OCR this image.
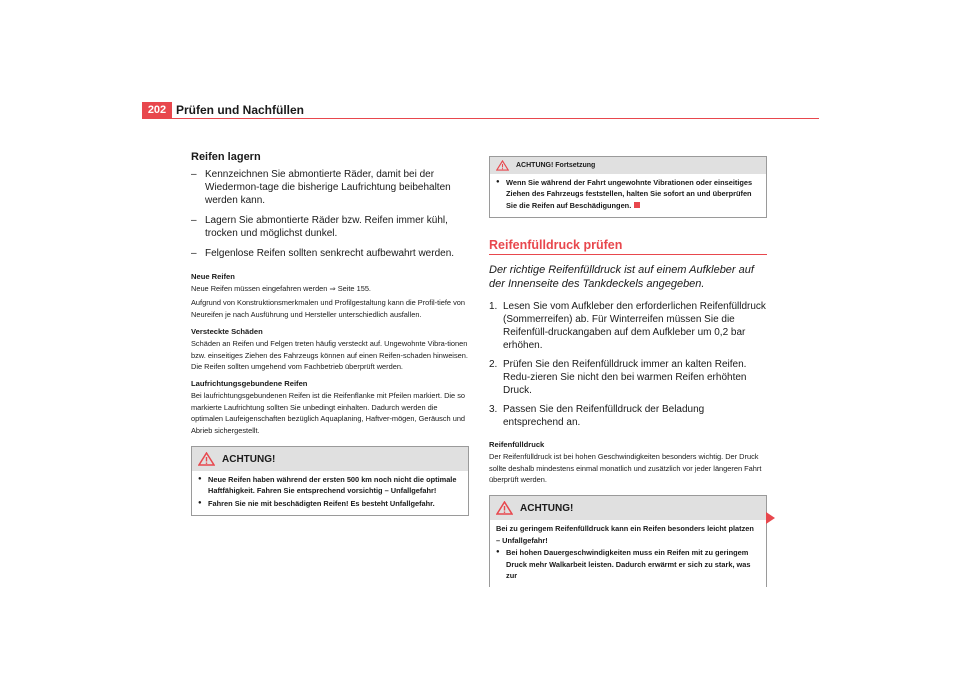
202 Prüfen und Nachfüllen
Reifen lagern
– Kennzeichnen Sie abmontierte Räder, damit bei der Wiedermon-tage die bisherige Laufrichtung beibehalten werden kann.
– Lagern Sie abmontierte Räder bzw. Reifen immer kühl, trocken und möglichst dunkel.
– Felgenlose Reifen sollten senkrecht aufbewahrt werden.
Neue Reifen

Neue Reifen müssen eingefahren werden ⇒ Seite 155.

Aufgrund von Konstruktionsmerkmalen und Profilgestaltung kann die Profil-tiefe von Neureifen je nach Ausführung und Hersteller unterschiedlich ausfallen.

Versteckte Schäden

Schäden an Reifen und Felgen treten häufig versteckt auf. Ungewohnte Vibra-tionen bzw. einseitiges Ziehen des Fahrzeugs können auf einen Reifen-schaden hinweisen. Die Reifen sollten umgehend vom Fachbetrieb überprüft werden.

Laufrichtungsgebundene Reifen

Bei laufrichtungsgebundenen Reifen ist die Reifenflanke mit Pfeilen markiert. Die so markierte Laufrichtung sollten Sie unbedingt einhalten. Dadurch werden die optimalen Laufeigenschaften bezüglich Aquaplaning, Haftver-mögen, Geräusch und Abrieb sichergestellt.

ACHTUNG!
● Neue Reifen haben während der ersten 500 km noch nicht die optimale Haftfähigkeit. Fahren Sie entsprechend vorsichtig – Unfallgefahr!
● Fahren Sie nie mit beschädigten Reifen! Es besteht Unfallgefahr.
ACHTUNG! Fortsetzung
● Wenn Sie während der Fahrt ungewohnte Vibrationen oder einseitiges Ziehen des Fahrzeugs feststellen, halten Sie sofort an und überprüfen Sie die Reifen auf Beschädigungen.
Reifenfülldruck prüfen
Der richtige Reifenfülldruck ist auf einem Aufkleber auf der Innenseite des Tankdeckels angegeben.
1. Lesen Sie vom Aufkleber den erforderlichen Reifenfülldruck (Sommerreifen) ab. Für Winterreifen müssen Sie die Reifenfüll-druckangaben auf dem Aufkleber um 0,2 bar erhöhen.
2. Prüfen Sie den Reifenfülldruck immer an kalten Reifen. Redu-zieren Sie nicht den bei warmen Reifen erhöhten Druck.
3. Passen Sie den Reifenfülldruck der Beladung entsprechend an.
Reifenfülldruck

Der Reifenfülldruck ist bei hohen Geschwindigkeiten besonders wichtig. Der Druck sollte deshalb mindestens einmal monatlich und zusätzlich vor jeder längeren Fahrt überprüft werden.

ACHTUNG!
Bei zu geringem Reifenfülldruck kann ein Reifen besonders leicht platzen – Unfallgefahr!
● Bei hohen Dauergeschwindigkeiten muss ein Reifen mit zu geringem Druck mehr Walkarbeit leisten. Dadurch erwärmt er sich zu stark, was zur
